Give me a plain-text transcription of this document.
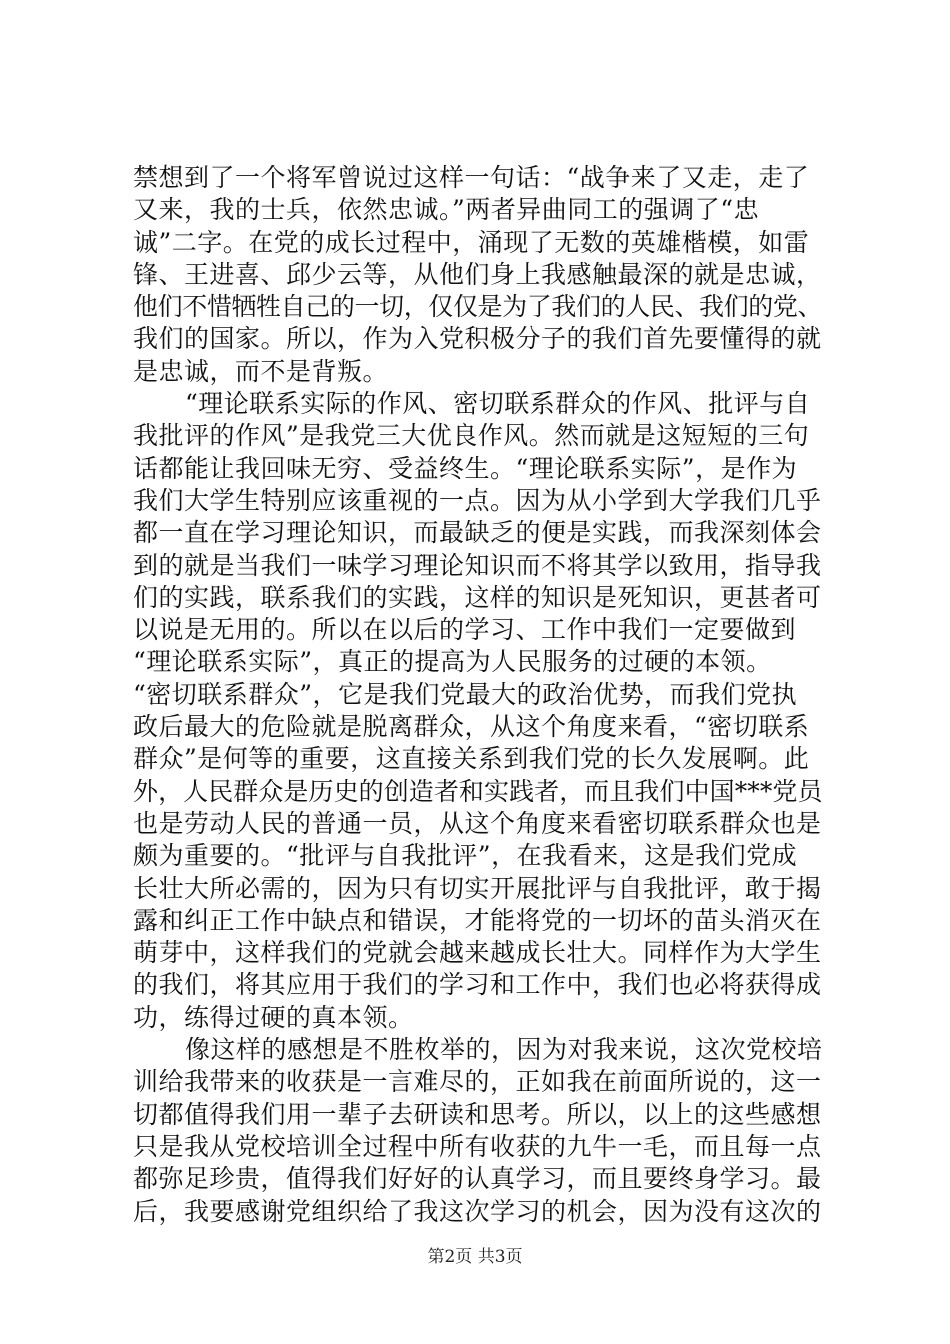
禁想到了一个将军曾说过这样一句话：“战争来了又走，走了
又来，我的士兵，依然忠诚。”两者异曲同工的强调了“忠
诚”二字。在党的成长过程中，涌现了无数的英雄楷模，如雷
锋、王进喜、邱少云等，从他们身上我感触最深的就是忠诚，
他们不惜牺牲自己的一切，仅仅是为了我们的人民、我们的党、
我们的国家。所以，作为入党积极分子的我们首先要懂得的就
是忠诚，而不是背叛。
“理论联系实际的作风、密切联系群众的作风、批评与自
我批评的作风”是我党三大优良作风。然而就是这短短的三句
话都能让我回味无穷、受益终生。“理论联系实际”，是作为
我们大学生特别应该重视的一点。因为从小学到大学我们几乎
都一直在学习理论知识，而最缺乏的便是实践，而我深刻体会
到的就是当我们一味学习理论知识而不将其学以致用，指导我
们的实践，联系我们的实践，这样的知识是死知识，更甚者可
以说是无用的。所以在以后的学习、工作中我们一定要做到
“理论联系实际”，真正的提高为人民服务的过硬的本领。
“密切联系群众”，它是我们党最大的政治优势，而我们党执
政后最大的危险就是脱离群众，从这个角度来看，“密切联系
群众”是何等的重要，这直接关系到我们党的长久发展啊。此
外，人民群众是历史的创造者和实践者，而且我们中国***党员
也是劳动人民的普通一员，从这个角度来看密切联系群众也是
颇为重要的。“批评与自我批评”，在我看来，这是我们党成
长壮大所必需的，因为只有切实开展批评与自我批评，敢于揭
露和纠正工作中缺点和错误，才能将党的一切坏的苗头消灭在
萌芽中，这样我们的党就会越来越成长壮大。同样作为大学生
的我们，将其应用于我们的学习和工作中，我们也必将获得成
功，练得过硬的真本领。
像这样的感想是不胜枚举的，因为对我来说，这次党校培
训给我带来的收获是一言难尽的，正如我在前面所说的，这一
切都值得我们用一辈子去研读和思考。所以，以上的这些感想
只是我从党校培训全过程中所有收获的九牛一毛，而且每一点
都弥足珍贵，值得我们好好的认真学习，而且要终身学习。最
后，我要感谢党组织给了我这次学习的机会，因为没有这次的
第2页 共3页
